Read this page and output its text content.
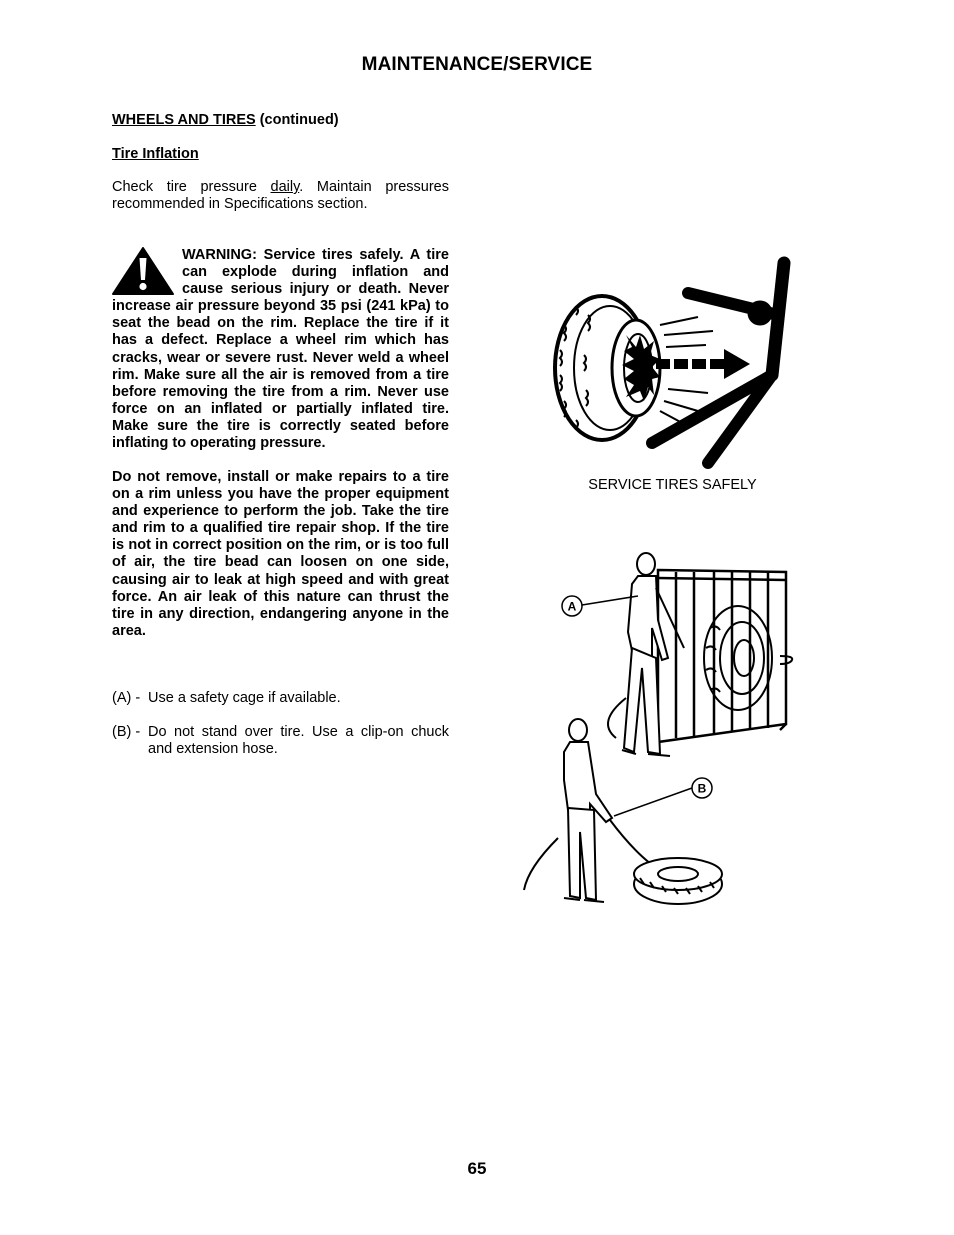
MAINTENANCE/SERVICE
WHEELS AND TIRES (continued)
Tire Inflation
Check tire pressure daily. Maintain pressures recommended in Specifications section.
WARNING: Service tires safely. A tire can explode during inflation and cause serious injury or death. Never increase air pressure beyond 35 psi (241 kPa) to seat the bead on the rim. Replace the tire if it has a defect. Replace a wheel rim which has cracks, wear or severe rust. Never weld a wheel rim. Make sure all the air is removed from a tire before removing the tire from a rim. Never use force on an inflated or partially inflated tire. Make sure the tire is correctly seated before inflating to operating pressure.
Do not remove, install or make repairs to a tire on a rim unless you have the proper equipment and experience to perform the job. Take the tire and rim to a qualified tire repair shop. If the tire is not in correct position on the rim, or is too full of air, the tire bead can loosen on one side, causing air to leak at high speed and with great force. An air leak of this nature can thrust the tire in any direction, endangering anyone in the area.
(A) - Use a safety cage if available.
(B) - Do not stand over tire. Use a clip-on chuck
and extension hose.
SERVICE TIRES SAFELY
A
B
65
